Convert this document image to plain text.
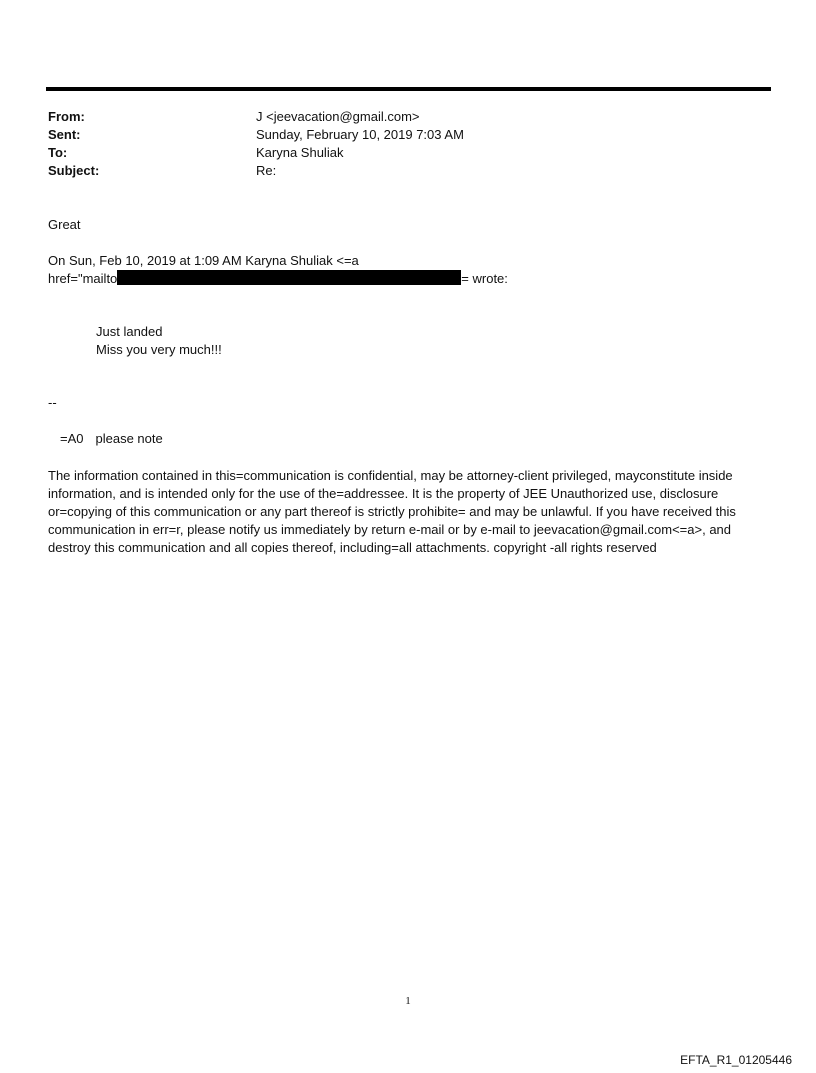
From:	J <jeevacation@gmail.com>
Sent:	Sunday, February 10, 2019 7:03 AM
To:	Karyna Shuliak
Subject:	Re:

Great

On Sun, Feb 10, 2019 at 1:09 AM Karyna Shuliak <=a

href="mailto	= wrote:

Just landed
Miss you very much!!!
--
=A0 please note

The information contained in this=communication is confidential, may be attorney-client privileged, mayconstitute inside information, and is intended only for the use of the=addressee. It is the property of JEE Unauthorized use, disclosure or=copying of this communication or any part thereof is strictly prohibite= and may be unlawful. If you have received this communication in err=r, please notify us immediately by return e-mail or by e-mail to jeevacation@gmail.com<=a>, and destroy this communication and all copies thereof, including=all attachments. copyright -all rights reserved

1
EFTA_R1_01205446
